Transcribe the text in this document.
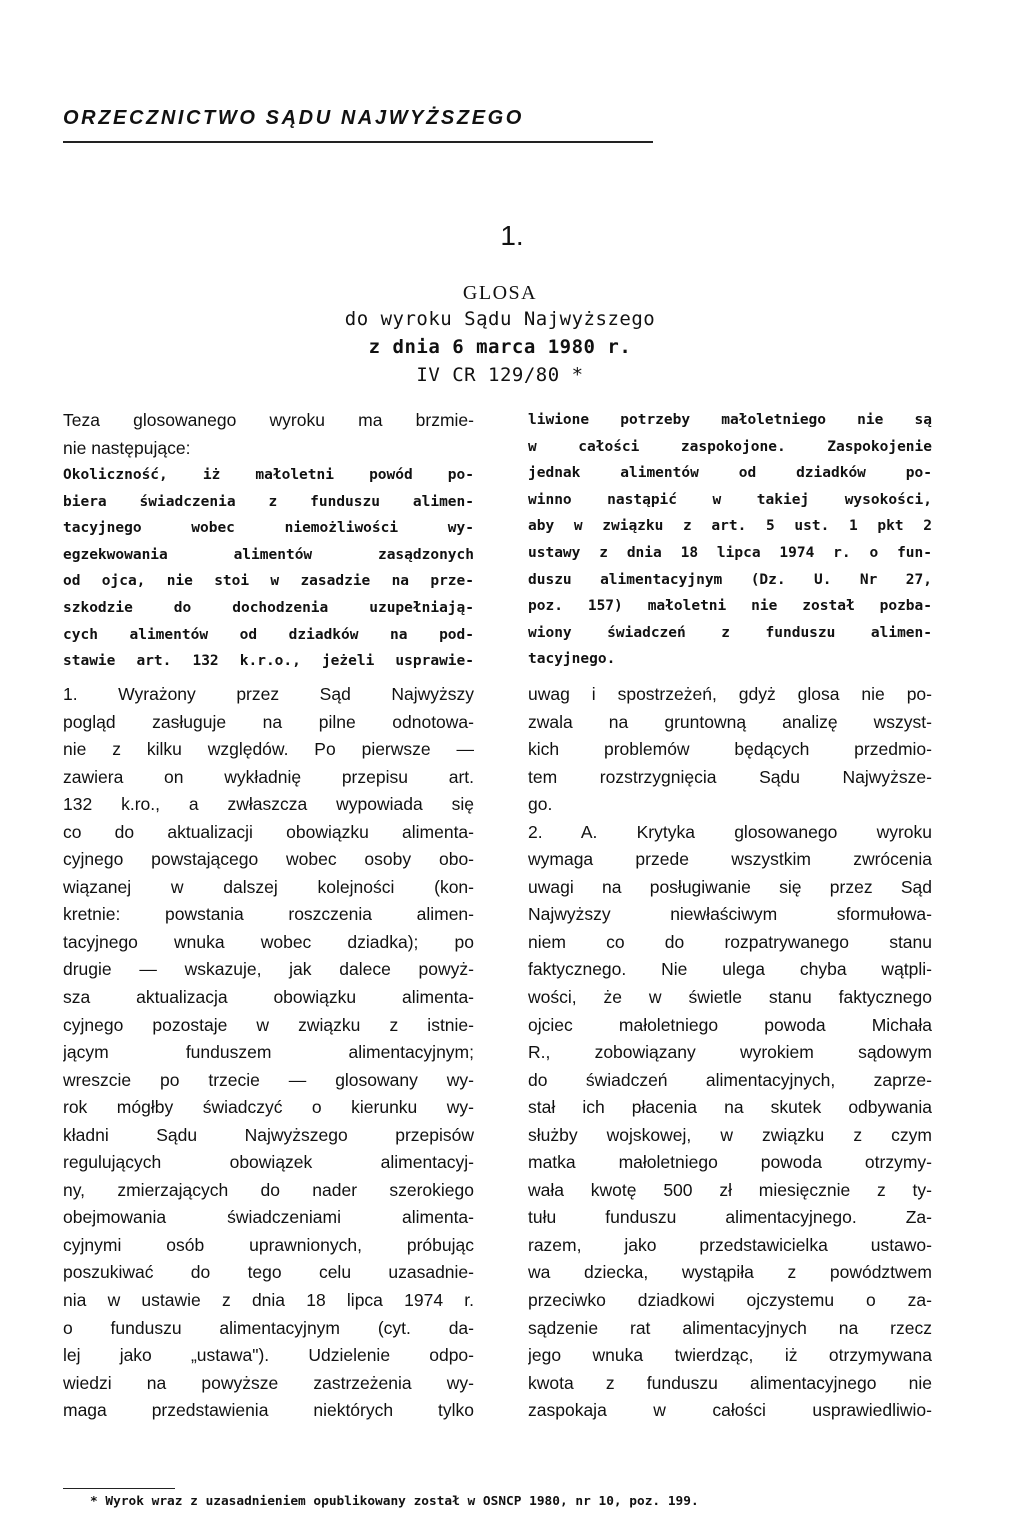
ORZECZNICTWO SĄDU NAJWYŻSZEGO
1.
GLOSA
do wyroku Sądu Najwyższego
z dnia 6 marca 1980 r.
IV CR 129/80 *
Teza glosowanego wyroku ma brzmie-
nie następujące:
Okoliczność, iż małoletni powód po-
biera świadczenia z funduszu alimen-
tacyjnego wobec niemożliwości wy-
egzekwowania alimentów zasądzonych
od ojca, nie stoi w zasadzie na prze-
szkodzie do dochodzenia uzupełniają-
cych alimentów od dziadków na pod-
stawie art. 132 k.r.o., jeżeli usprawie-
liwione potrzeby małoletniego nie są
w całości zaspokojone. Zaspokojenie
jednak alimentów od dziadków po-
winno nastąpić w takiej wysokości,
aby w związku z art. 5 ust. 1 pkt 2
ustawy z dnia 18 lipca 1974 r. o fun-
duszu alimentacyjnym (Dz. U. Nr 27,
poz. 157) małoletni nie został pozba-
wiony świadczeń z funduszu alimen-
tacyjnego.
1. Wyrażony przez Sąd Najwyższy
pogląd zasługuje na pilne odnotowa-
nie z kilku względów. Po pierwsze —
zawiera on wykładnię przepisu art.
132 k.ro., a zwłaszcza wypowiada się
co do aktualizacji obowiązku alimenta-
cyjnego powstającego wobec osoby obo-
wiązanej w dalszej kolejności (kon-
kretnie: powstania roszczenia alimen-
tacyjnego wnuka wobec dziadka); po
drugie — wskazuje, jak dalece powyż-
sza aktualizacja obowiązku alimenta-
cyjnego pozostaje w związku z istnie-
jącym funduszem alimentacyjnym;
wreszcie po trzecie — glosowany wy-
rok mógłby świadczyć o kierunku wy-
kładni Sądu Najwyższego przepisów
regulujących obowiązek alimentacyj-
ny, zmierzających do nader szerokiego
obejmowania świadczeniami alimenta-
cyjnymi osób uprawnionych, próbując
poszukiwać do tego celu uzasadnie-
nia w ustawie z dnia 18 lipca 1974 r.
o funduszu alimentacyjnym (cyt. da-
lej jako „ustawa"). Udzielenie odpo-
wiedzi na powyższe zastrzeżenia wy-
maga przedstawienia niektórych tylko
uwag i spostrzeżeń, gdyż glosa nie po-
zwala na gruntowną analizę wszyst-
kich problemów będących przedmio-
tem rozstrzygnięcia Sądu Najwyższe-
go.
2. A. Krytyka glosowanego wyroku
wymaga przede wszystkim zwrócenia
uwagi na posługiwanie się przez Sąd
Najwyższy niewłaściwym sformułowa-
niem co do rozpatrywanego stanu
faktycznego. Nie ulega chyba wątpli-
wości, że w świetle stanu faktycznego
ojciec małoletniego powoda Michała
R., zobowiązany wyrokiem sądowym
do świadczeń alimentacyjnych, zaprze-
stał ich płacenia na skutek odbywania
służby wojskowej, w związku z czym
matka małoletniego powoda otrzymy-
wała kwotę 500 zł miesięcznie z ty-
tułu funduszu alimentacyjnego. Za-
razem, jako przedstawicielka ustawo-
wa dziecka, wystąpiła z powództwem
przeciwko dziadkowi ojczystemu o za-
sądzenie rat alimentacyjnych na rzecz
jego wnuka twierdząc, iż otrzymywana
kwota z funduszu alimentacyjnego nie
zaspokaja w całości usprawiedliwio-
* Wyrok wraz z uzasadnieniem opublikowany został w OSNCP 1980, nr 10, poz. 199.
